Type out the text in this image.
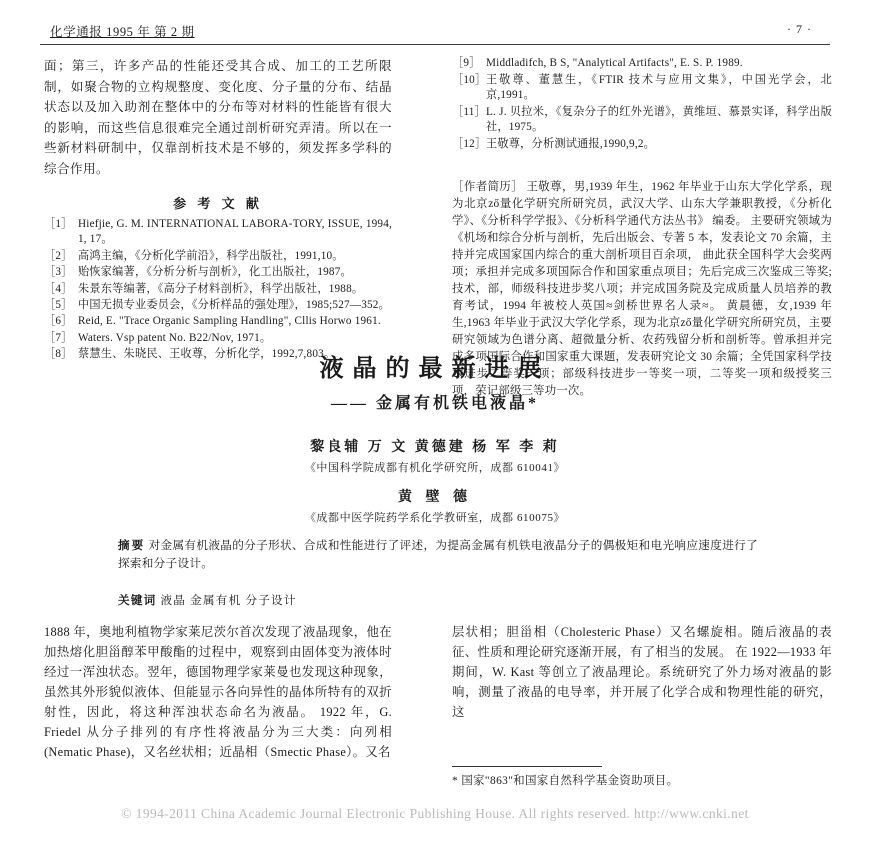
化学通报 1995 年 第 2 期	· 7 ·

面；第三，许多产品的性能还受其合成、加工的工艺所限制，如聚合物的立构规整度、变化度、分子量的分布、结晶状态以及加入助剂在整体中的分布等对材料的性能皆有很大的影响，而这些信息很难完全通过剖析研究弄清。所以在一些新材料研制中，仅靠剖析技术是不够的，须发挥多学科的综合作用。

参 考 文 献
［1］ Hiefjie, G. M. INTERNATIONAL LABORA-TORY, ISSUE, 1994, 1, 17。
［2］ 高鸿主编，《分析化学前沿》，科学出版社，1991,10。
［3］ 贻恢家编著，《分析分析与剖析》，化工出版社，1987。
［4］ 朱景东等编著，《高分子材料剖析》，科学出版社，1988。
［5］ 中国无损专业委员会，《分析样品的强处理》，1985;527—352。
［6］ Reid, E. "Trace Organic Sampling Handling", Cllis Horwo 1961.
［7］ Waters. Vsp patent No. B22/Nov, 1971。
［8］ 蔡慧生、朱晓民、王收尊，分析化学，1992,7,803。
［9］ Middladifch, B S, "Analytical Artifacts", E. S. P. 1989.
［10］ 王敬尊、董慧生，《FTIR 技术与应用文集》，中国光学会，北京,1991。
［11］ L. J. 贝拉米，《复杂分子的红外光谱》，黄维垣、慕景实译，科学出版社，1975。
［12］ 王敬尊，分析测试通报,1990,9,2。
［作者简历］ 王敬尊，男,1939 年生，1962 年毕业于山东大学化学系，现为北京ző量化学研究所研究员，武汉大学、山东大学兼职教授，《分析化学》、《分析科学学报》、《分析科学通代方法丛书》 编委。 主要研究领域为《机场和综合分析与剖析，先后出版会、专著 5 本，发表论文 70 余篇，主持并完成国家国内综合的重大剖析项目百余项， 曲此获全国科学大会奖两项；承担并完成多项国际合作和国家重点项目；先后完成三次鉴成三等奖;技术，部，师级科技进步奖八项；并完成国务院及完成质量人员培养的教育考试，1994 年被校人英国≈剑桥世界名人录≈。 黄晨德，女,1939 年生,1963 年毕业于武汉大学化学系，现为北京ző量化学研究所研究员，主要研究领域为色谱分离、超微量分析、农药残留分析和剖析等。曾承担并完成多项国际合作和国家重大课题，发表研究论文 30 余篇；全凭国家科学技术进步二等奖一项；部级科技进步一等奖一项，二等奖一项和级授奖三项，荣记部级三等功一次。
液晶的最新进展
—— 金属有机铁电液晶*
黎良辅 万 文 黄德建 杨 军 李 莉
《中国科学院成都有机化学研究所，成都 610041》
黄 壁 德
《成都中医学院药学系化学教研室，成都 610075》
摘要 对金属有机液晶的分子形状、合成和性能进行了评述，为提高金属有机铁电液晶分子的偶极矩和电光响应速度进行了探索和分子设计。
关键词 液晶 金属有机 分子设计

1888 年，奥地利植物学家莱尼茨尔首次发现了液晶现象，他在加热熔化胆甾醇苯甲酸酯的过程中，观察到由固体变为液体时经过一浑浊状态。翌年，德国物理学家莱曼也发现这种现象，虽然其外形貌似液体、但能显示各向异性的晶体所特有的双折射性，因此，将这种浑浊状态命名为液晶。 1922 年，G. Friedel 从分子排列的有序性将液晶分为三大类：向列相(Nematic Phase)，又名丝状相；近晶相（Smectic Phase）。又名

层状相；胆甾相（Cholesteric Phase）又名螺旋相。随后液晶的表征、性质和理论研究逐渐开展，有了相当的发展。 在 1922—1933 年期间，W. Kast 等创立了液晶理论。系统研究了外力场对液晶的影响，测量了液晶的电导率，并开展了化学合成和物理性能的研究，这

* 国家"863"和国家自然科学基金资助项目。
© 1994-2011 China Academic Journal Electronic Publishing House. All rights reserved. http://www.cnki.net
